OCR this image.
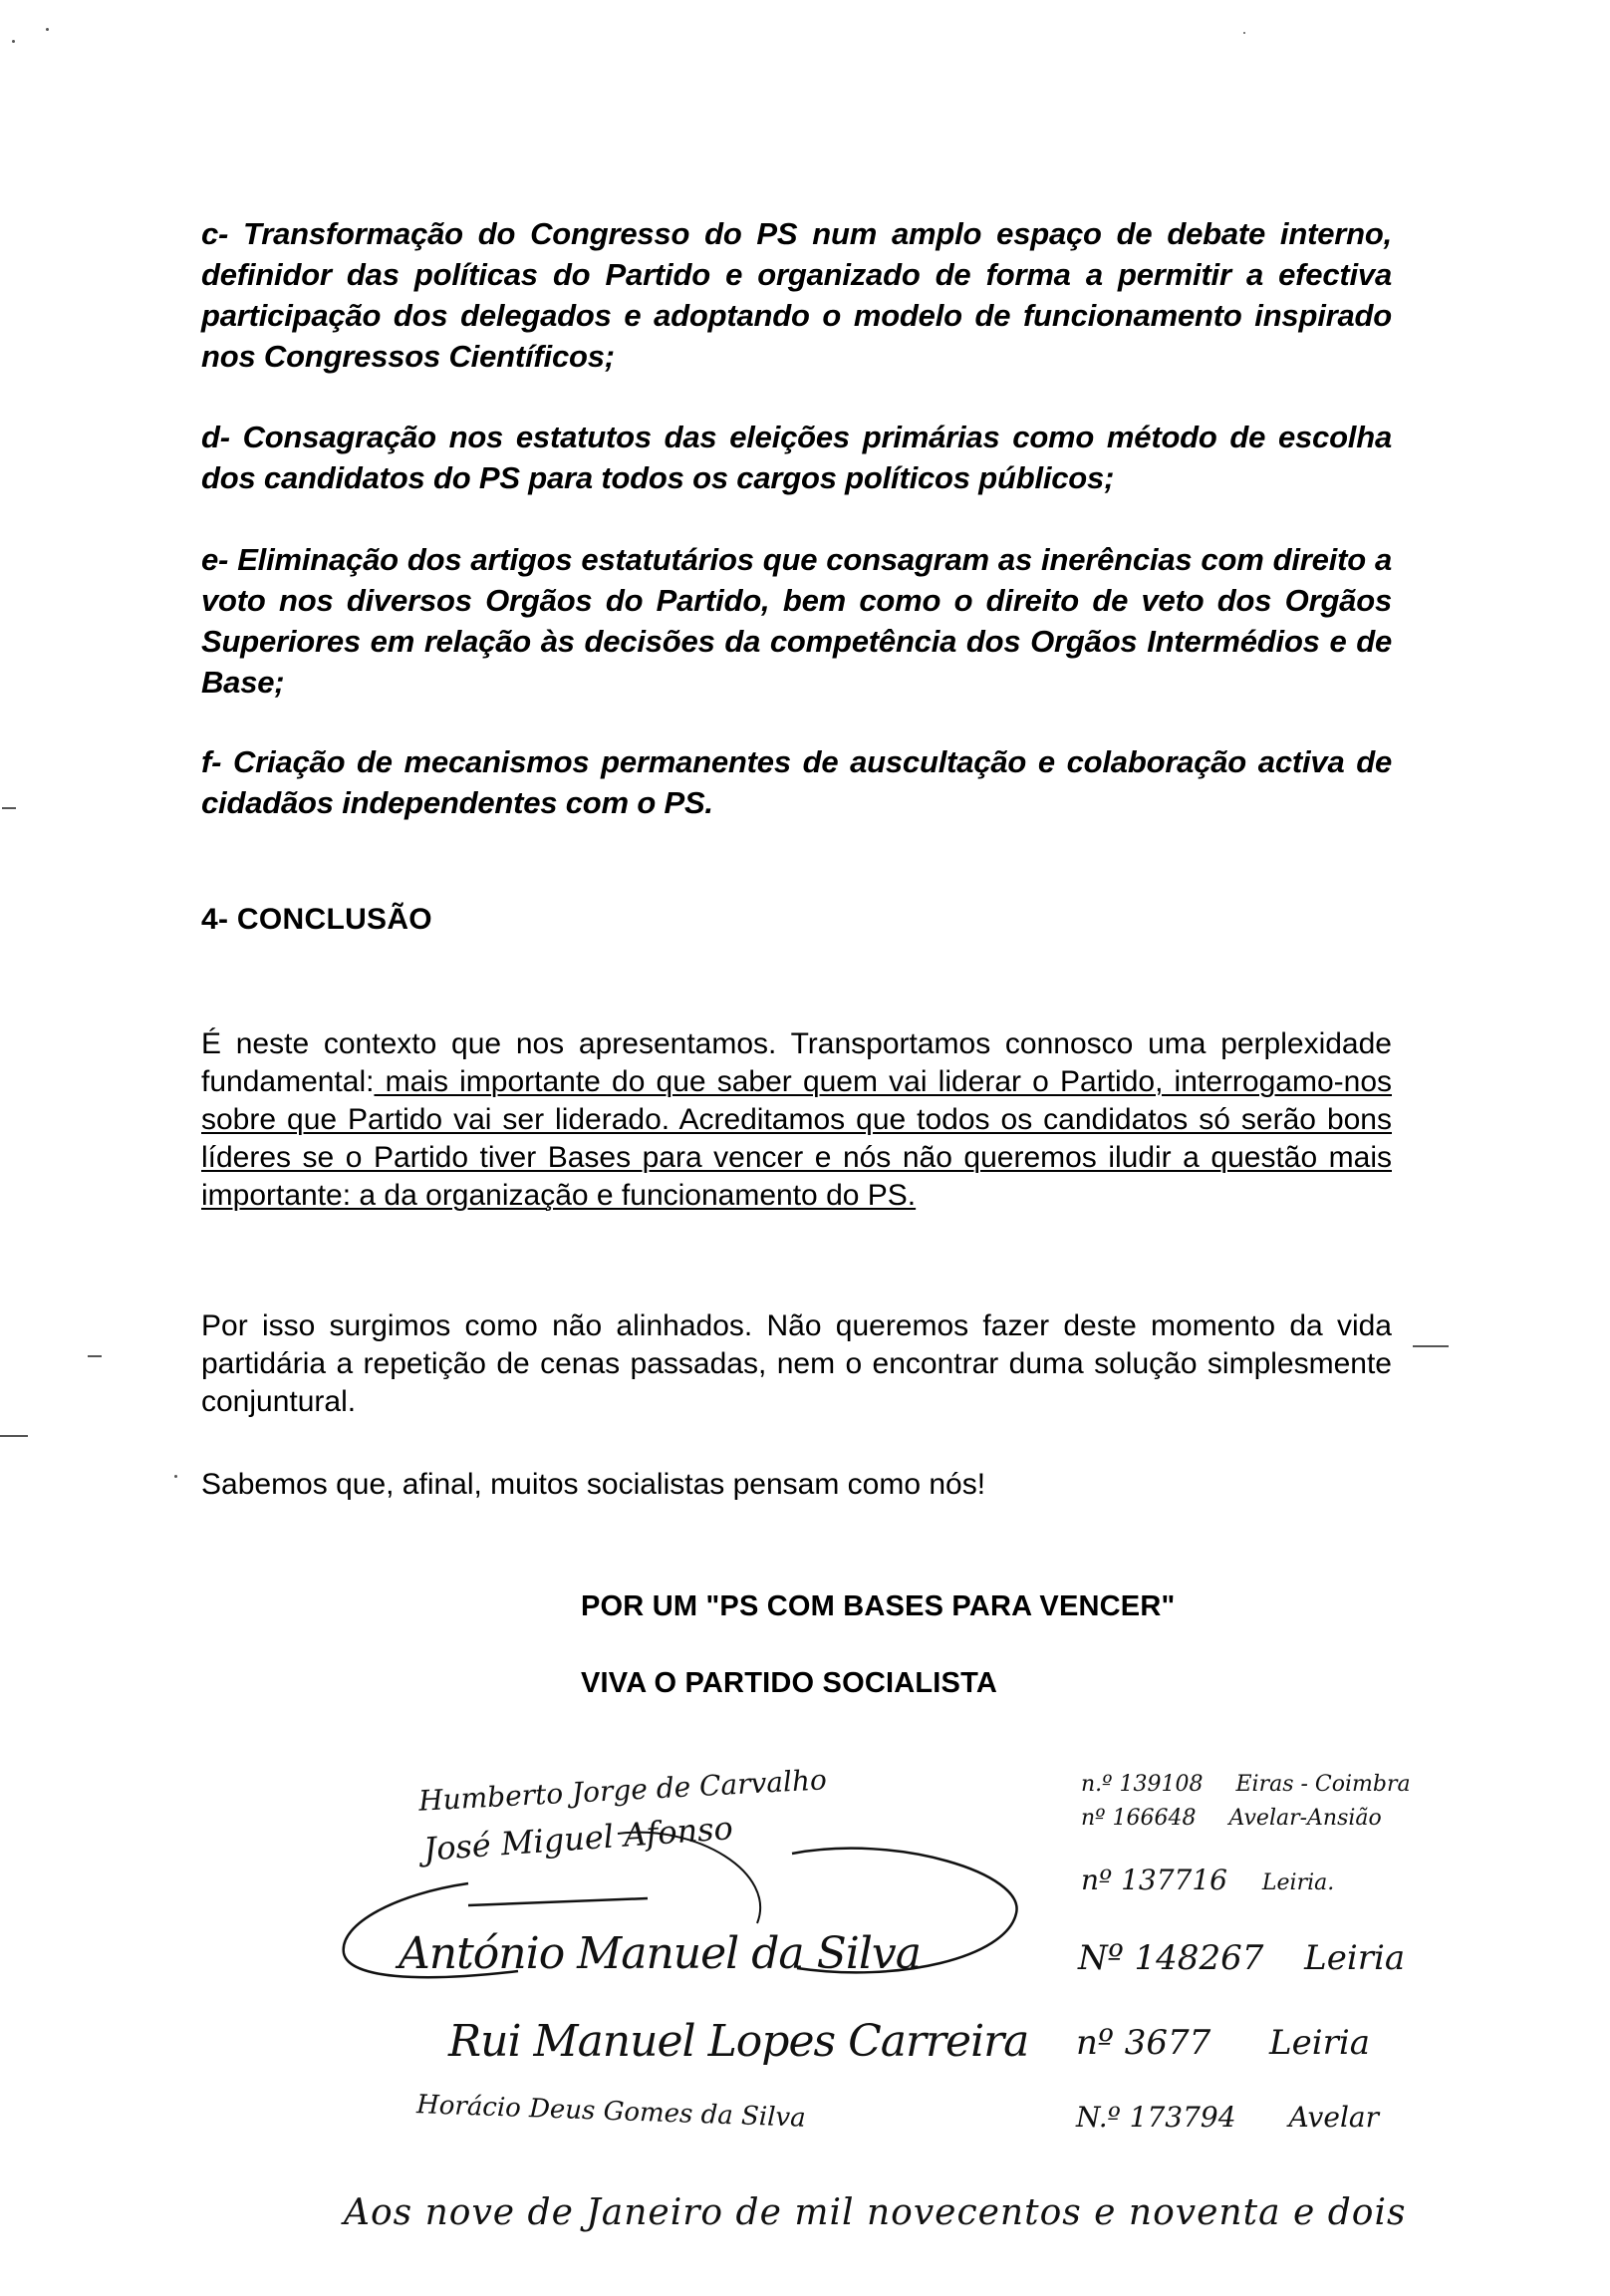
c- Transformação do Congresso do PS num amplo espaço de debate interno, definidor das políticas do Partido e organizado de forma a permitir a efectiva participação dos delegados e adoptando o modelo de funcionamento inspirado nos Congressos Científicos;

d- Consagração nos estatutos das eleições primárias como método de escolha dos candidatos do PS para todos os cargos políticos públicos;

e- Eliminação dos artigos estatutários que consagram as inerências com direito a voto nos diversos Orgãos do Partido, bem como o direito de veto dos Orgãos Superiores em relação às decisões da competência dos Orgãos Intermédios e de Base;

f- Criação de mecanismos permanentes de auscultação e colaboração activa de cidadãos independentes com o PS.

4- CONCLUSÃO

É neste contexto que nos apresentamos. Transportamos connosco uma perplexidade fundamental: mais importante do que saber quem vai liderar o Partido, interrogamo-nos sobre que Partido vai ser liderado. Acreditamos que todos os candidatos só serão bons líderes se o Partido tiver Bases para vencer e nós não queremos iludir a questão mais importante: a da organização e funcionamento do PS.

Por isso surgimos como não alinhados. Não queremos fazer deste momento da vida partidária a repetição de cenas passadas, nem o encontrar duma solução simplesmente conjuntural.

Sabemos que, afinal, muitos socialistas pensam como nós!

POR UM "PS COM BASES PARA VENCER"
VIVA O PARTIDO SOCIALISTA
Humberto Jorge de Carvalho
José Miguel Afonso
António Manuel da Silva
Rui Manuel Lopes Carreira
Horácio Deus Gomes da Silva
n.º 139108 Eiras - Coimbra
nº 166648 Avelar-Ansião
nº 137716 Leiria.
Nº 148267 Leiria
nº 3677 Leiria
N.º 173794 Avelar
Aos nove de Janeiro de mil novecentos e noventa e dois
